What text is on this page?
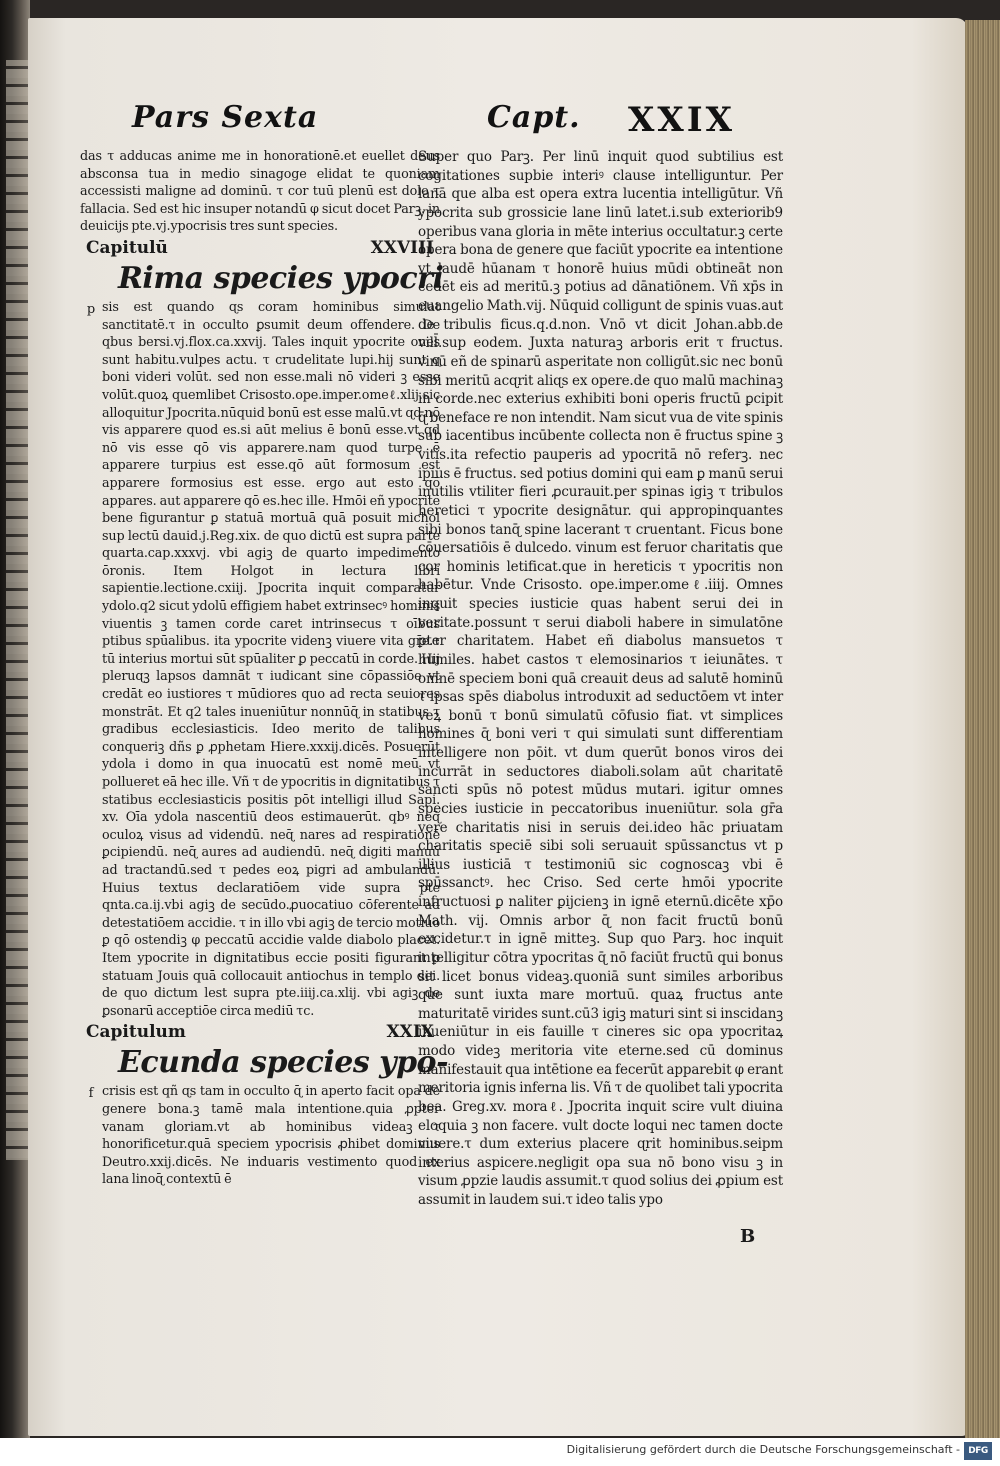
Pars Sexta	Capt. XXIX

das τ adducas anime me in honorationē.et euellet deus absconsa tua in medio sinagoge elidat te quoniam accessisti maligne ad dominū. τ cor tuū plenū est dolo τ fallacia. Sed est hic insuper notandū φ sicut docet Parꝫ. in deuicijs pte.vj.ypocrisis tres sunt species.

Capitulū	XXVIII
Rima species ypocri
p sis est quando ɋs coram hominibus simulat sanctitatē.τ in occulto ꝑsumit deum offendere. De qbus bersi.vj.flox.ca.xxvij. Tales inquit ypocrite ones sunt habitu.vulpes actu. τ crudelitate lupi.hij sunt ɋ boni videri volūt. sed non esse.mali nō videri ꝫ esse volūt.quoꝝ quemlibet Crisosto.ope.imper.omeℓ.xlij.sic alloquitur Jpocrita.nūquid bonū est esse malū.vt ɋd nō vis apparere quod es.si aūt melius ē bonū esse.vt qd nō vis esse qō vis apparere.nam quod turpe ē apparere turpius est esse.qō aūt formosum est apparere formosius est esse. ergo aut esto qō appares. aut apparere qō es.hec ille. Hmōi eñ ypocrite bene figurantur ꝑ statuā mortuā quā posuit michol sup lectū dauid.j.Reg.xix. de quo dictū est supra parte quarta.cap.xxxvj. vbi agiꝫ de quarto impedimento ōronis. Item Holgot in lectura libri sapientie.lectione.cxiij. Jpocrita inquit comparatur ydolo.q2 sicut ydolū effigiem habet extrinsecꝰ hominis viuentis ꝫ tamen corde caret intrinsecus τ oībus ptibus spūalibus. ita ypocrite videnꝫ viuere vita gr̄e.τ tū interius mortui sūt spūaliter ꝑ peccatū in corde. Hij pleruɋꝫ lapsos damnāt τ iudicant sine cōpassiōe vt credāt eo iustiores τ mūdiores quo ad recta seuiores monstrāt. Et q2 tales inueniūtur nonnūɋ̄ in statibus τ gradibus ecclesiasticis. Ideo merito de talibus conqueriꝫ dñs ꝑ ꝓphetam Hiere.xxxij.dicēs. Posuerūt ydola i domo in qua inuocatū est nomē meū vt pollueret eā hec ille. Vñ τ de ypocritis in dignitatibus τ statibus ecclesiasticis positis pōt intelligi illud Sapi. xv. Oīa ydola nascentiū deos estimauerūt. qbꝰ neɋ̄ oculoꝝ visus ad videndū. neɋ̄ nares ad respirationē ꝑcipiendū. neɋ̄ aures ad audiendū. neɋ̄ digiti manuū ad tractandū.sed τ pedes eoꝝ pigri ad ambulandū. Huius textus declaratiōem vide supra pte qnta.ca.ij.vbi agiꝫ de secūdo.ꝓuocatiuo cōferente ad detestatiōem accidie. τ in illo vbi agiꝫ de tercio motiuo ꝑ qō ostendiꝫ φ peccatū accidie valde diabolo placet. Item ypocrite in dignitatibus eccie positi figurant ꝑ statuam Jouis quā collocauit antiochus in templo dei. de quo dictum lest supra pte.iiij.ca.xlij. vbi agiꝫ de ꝑsonarū acceptiōe circa mediū τc.

Capitulum	XXIX
Ecunda species ypo-
f crisis est qñ ɋs tam in occulto ɋ̄ in aperto facit opa de genere bona.ꝫ tamē mala intentione.quia ꝓpter vanam gloriam.vt ab hominibus videaꝫ τ honorificetur.quā speciem ypocrisis ꝓhibet dominus Deutro.xxij.dicēs. Ne induaris vestimento quod ex lana linoɋ̄ contextū ē

Super quo Parꝫ. Per linū inquit quod subtilius est cogitationes supbie interiꝰ clause intelliguntur. Per lanā que alba est opera extra lucentia intelligūtur. Vñ ypocrita sub grossicie lane linū latet.i.sub exteriorib9 operibus vana gloria in mēte interius occultatur.ꝫ certe opera bona de genere que faciūt ypocrite ea intentione vt laudē hūanam τ honorē huius mūdi obtineāt non cedēt eis ad meritū.ꝫ potius ad dānatiōnem. Vñ xp̄s in euangelio Math.vij. Nūquid colligunt de spinis vuas.aut de tribulis ficus.q.d.non. Vnō vt dicit Johan.abb.de vill̄.sup eodem. Juxta naturaꝫ arboris erit τ fructus. vinū eñ de spinarū asperitate non colligūt.sic nec bonū sibi meritū acɋrit aliɋs ex opere.de quo malū machinaꝫ in corde.nec exterius exhibiti boni operis fructū ꝑcipit ɋ̄ beneface re non intendit. Nam sicut vua de vite spinis sub iacentibus incūbente collecta non ē fructus spine ꝫ vitis.ita refectio pauperis ad ypocritā nō referꝫ. nec ipius ē fructus. sed potius domini qui eam ꝑ manū serui inutilis vtiliter fieri ꝓcurauit.per spinas igiꝫ τ tribulos heretici τ ypocrite designātur. qui appropinquantes sibi bonos tanɋ̄ spine lacerant τ cruentant. Ficus bone cōuersatiōis ē dulcedo. vinum est feruor charitatis que cor hominis letificat.que in hereticis τ ypocritis non habētur. Vnde Crisosto. ope.imper.omeℓ.iiij. Omnes inquit species iusticie quas habent serui dei in veritate.possunt τ serui diaboli habere in simulatōne ꝑter charitatem. Habet eñ diabolus mansuetos τ humiles. habet castos τ elemosinarios τ ieiunātes. τ omnē speciem boni quā creauit deus ad salutē hominū τ ipsas spēs diabolus introduxit ad seductōem vt inter veꝝ bonū τ bonū simulatū cōfusio fiat. vt simplices homines ɋ̄ boni veri τ qui simulati sunt differentiam intelligere non pōit. vt dum querūt bonos viros dei incurrāt in seductores diaboli.solam aūt charitatē sancti spūs nō potest mūdus mutari. igitur omnes species iusticie in peccatoribus inueniūtur. sola gr̄a vere charitatis nisi in seruis dei.ideo hāc priuatam charitatis speciē sibi soli seruauit spūssanctus vt p illius iusticiā τ testimoniū sic cognoscaꝫ vbi ē spūssanctꝰ. hec Criso. Sed certe hmōi ypocrite infructuosi ꝑ naliter ꝑijcienꝫ in ignē eternū.dicēte xp̄o Math. vij. Omnis arbor ɋ̄ non facit fructū bonū excidetur.τ in ignē mitteꝫ. Sup quo Parꝫ. hoc inquit intelligitur cōtra ypocritas ɋ̄ nō faciūt fructū qui bonus sit licet bonus videaꝫ.quoniā sunt similes arboribus que sunt iuxta mare mortuū. quaꝝ fructus ante maturitatē virides sunt.cū3 igiꝫ maturi sint si inscidanꝫ inueniūtur in eis fauille τ cineres sic opa ypocritaꝝ modo videꝫ meritoria vite eterne.sed cū dominus manifestauit qua intētione ea fecerūt apparebit φ erant meritoria ignis inferna lis. Vñ τ de quolibet tali ypocrita bea. Greg.xv. moraℓ. Jpocrita inquit scire vult diuina eloquia ꝫ non facere. vult docte loqui nec tamen docte viuere.τ dum exterius placere ɋrit hominibus.seipm interius aspicere.negligit opa sua nō bono visu ꝫ in visum ꝓpzie laudis assumit.τ quod solius dei ꝓpium est assumit in laudem sui.τ ideo talis ypo

B
Digitalisierung gefördert durch die Deutsche Forschungsgemeinschaft - DFG
